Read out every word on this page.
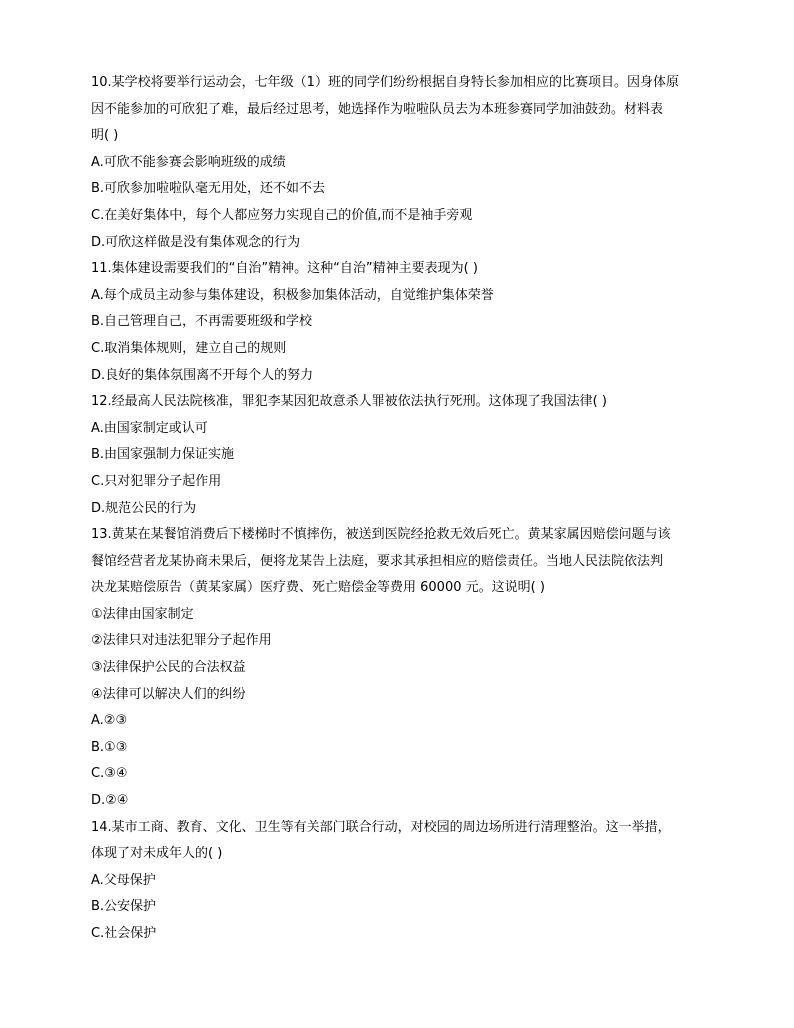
10.某学校将要举行运动会，七年级（1）班的同学们纷纷根据自身特长参加相应的比赛项目。因身体原
因不能参加的可欣犯了难，最后经过思考，她选择作为啦啦队员去为本班参赛同学加油鼓劲。材料表
明( )
A.可欣不能参赛会影响班级的成绩
B.可欣参加啦啦队毫无用处，还不如不去
C.在美好集体中，每个人都应努力实现自己的价值,而不是袖手旁观
D.可欣这样做是没有集体观念的行为
11.集体建设需要我们的“自治”精神。这种“自治”精神主要表现为( )
A.每个成员主动参与集体建设，积极参加集体活动，自觉维护集体荣誉
B.自己管理自己，不再需要班级和学校
C.取消集体规则，建立自己的规则
D.良好的集体氛围离不开每个人的努力
12.经最高人民法院核准，罪犯李某因犯故意杀人罪被依法执行死刑。这体现了我国法律( )
A.由国家制定或认可
B.由国家强制力保证实施
C.只对犯罪分子起作用
D.规范公民的行为
13.黄某在某餐馆消费后下楼梯时不慎摔伤，被送到医院经抢救无效后死亡。黄某家属因赔偿问题与该
餐馆经营者龙某协商未果后，便将龙某告上法庭，要求其承担相应的赔偿责任。当地人民法院依法判
决龙某赔偿原告（黄某家属）医疗费、死亡赔偿金等费用 60000 元。这说明( )
①法律由国家制定
②法律只对违法犯罪分子起作用
③法律保护公民的合法权益
④法律可以解决人们的纠纷
A.②③
B.①③
C.③④
D.②④
14.某市工商、教育、文化、卫生等有关部门联合行动，对校园的周边场所进行清理整治。这一举措，
体现了对未成年人的( )
A.父母保护
B.公安保护
C.社会保护
